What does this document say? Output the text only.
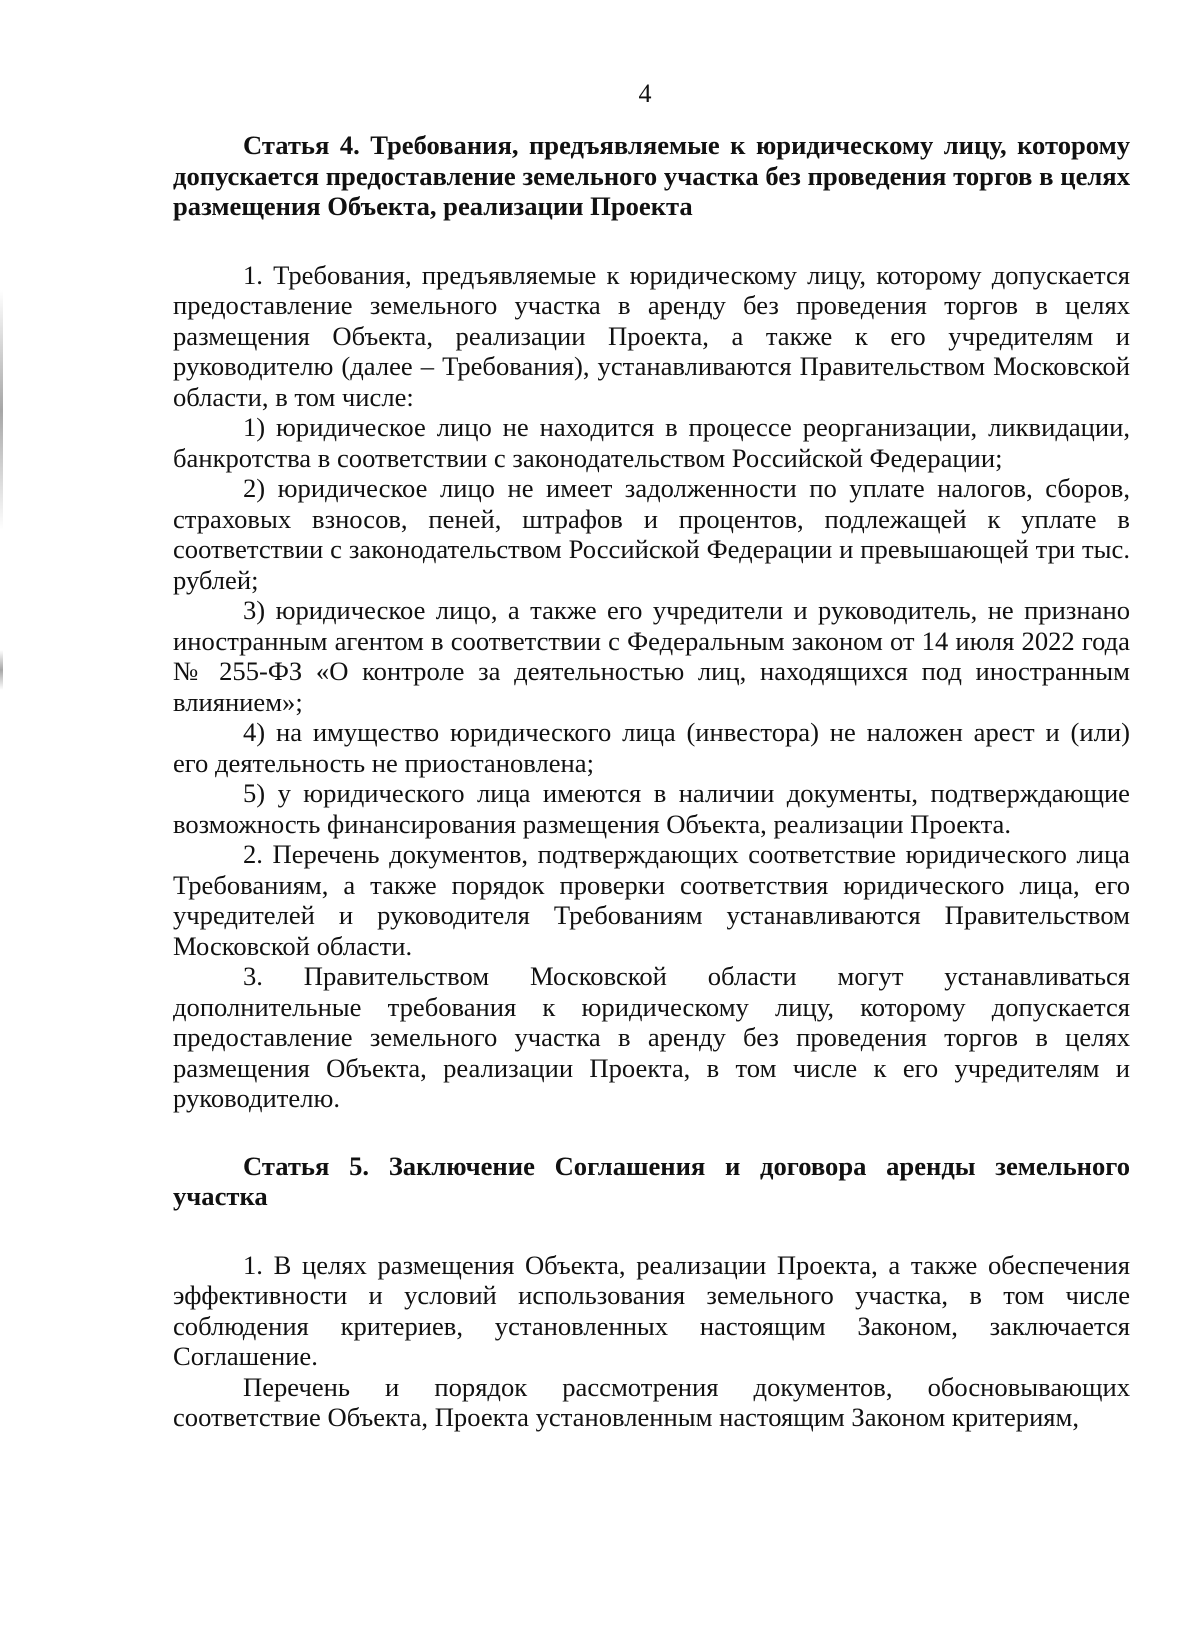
4

Статья 4. Требования, предъявляемые к юридическому лицу, которому допускается предоставление земельного участка без проведения торгов в целях размещения Объекта, реализации Проекта

1. Требования, предъявляемые к юридическому лицу, которому допускается предоставление земельного участка в аренду без проведения торгов в целях размещения Объекта, реализации Проекта, а также к его учредителям и руководителю (далее – Требования), устанавливаются Правительством Московской области, в том числе:

1) юридическое лицо не находится в процессе реорганизации, ликвидации, банкротства в соответствии с законодательством Российской Федерации;

2) юридическое лицо не имеет задолженности по уплате налогов, сборов, страховых взносов, пеней, штрафов и процентов, подлежащей к уплате в соответствии с законодательством Российской Федерации и превышающей три тыс. рублей;

3) юридическое лицо, а также его учредители и руководитель, не признано иностранным агентом в соответствии с Федеральным законом от 14 июля 2022 года № 255-ФЗ «О контроле за деятельностью лиц, находящихся под иностранным влиянием»;

4) на имущество юридического лица (инвестора) не наложен арест и (или) его деятельность не приостановлена;

5) у юридического лица имеются в наличии документы, подтверждающие возможность финансирования размещения Объекта, реализации Проекта.

2. Перечень документов, подтверждающих соответствие юридического лица Требованиям, а также порядок проверки соответствия юридического лица, его учредителей и руководителя Требованиям устанавливаются Правительством Московской области.

3. Правительством Московской области могут устанавливаться дополнительные требования к юридическому лицу, которому допускается предоставление земельного участка в аренду без проведения торгов в целях размещения Объекта, реализации Проекта, в том числе к его учредителям и руководителю.

Статья 5. Заключение Соглашения и договора аренды земельного участка

1. В целях размещения Объекта, реализации Проекта, а также обеспечения эффективности и условий использования земельного участка, в том числе соблюдения критериев, установленных настоящим Законом, заключается Соглашение.

Перечень и порядок рассмотрения документов, обосновывающих соответствие Объекта, Проекта установленным настоящим Законом критериям,
